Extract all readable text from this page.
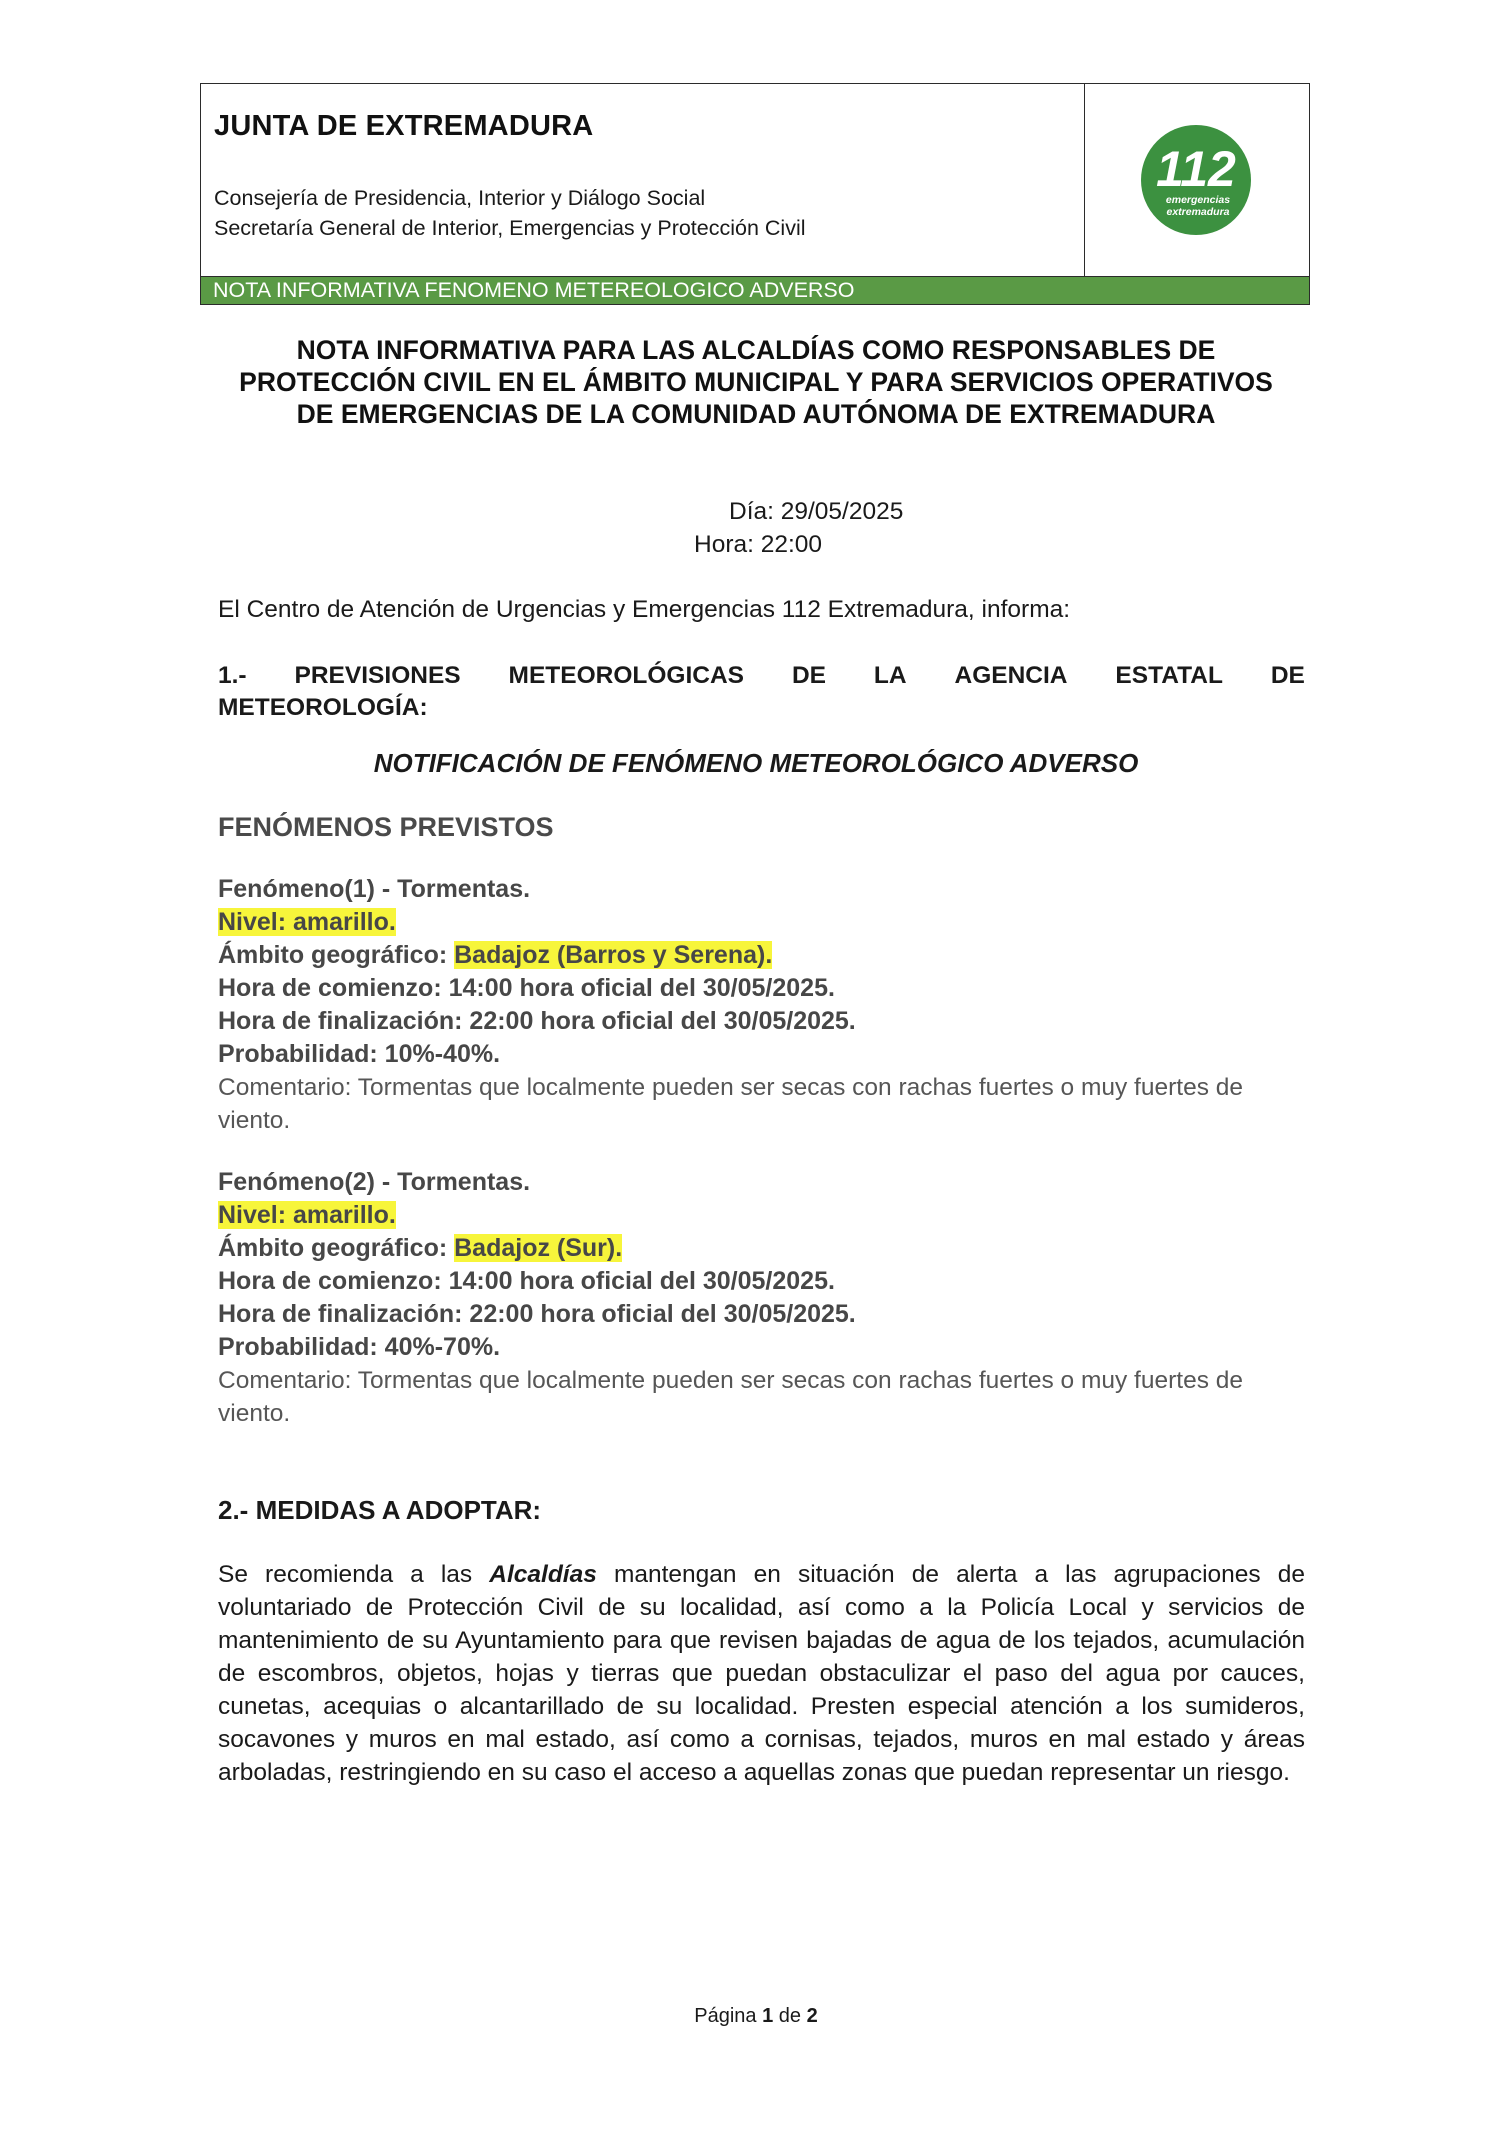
JUNTA DE EXTREMADURA
Consejería de Presidencia, Interior y Diálogo Social
Secretaría General de Interior, Emergencias y Protección Civil
112
emergencias
extremadura
NOTA INFORMATIVA FENOMENO METEREOLOGICO ADVERSO
NOTA INFORMATIVA PARA LAS ALCALDÍAS COMO RESPONSABLES DE PROTECCIÓN CIVIL EN EL ÁMBITO MUNICIPAL Y PARA SERVICIOS OPERATIVOS DE EMERGENCIAS DE LA COMUNIDAD AUTÓNOMA DE EXTREMADURA
Día: 29/05/2025
Hora: 22:00
El Centro de Atención de Urgencias y Emergencias 112 Extremadura, informa:
1.- PREVISIONES METEOROLÓGICAS DE LA AGENCIA ESTATAL DE
METEOROLOGÍA:
NOTIFICACIÓN DE FENÓMENO METEOROLÓGICO ADVERSO
FENÓMENOS PREVISTOS
Fenómeno(1) - Tormentas.
Nivel: amarillo.
Ámbito geográfico: Badajoz (Barros y Serena).
Hora de comienzo: 14:00 hora oficial del 30/05/2025.
Hora de finalización: 22:00 hora oficial del 30/05/2025.
Probabilidad: 10%-40%.
Comentario: Tormentas que localmente pueden ser secas con rachas fuertes o muy fuertes de viento.
Fenómeno(2) - Tormentas.
Nivel: amarillo.
Ámbito geográfico: Badajoz (Sur).
Hora de comienzo: 14:00 hora oficial del 30/05/2025.
Hora de finalización: 22:00 hora oficial del 30/05/2025.
Probabilidad: 40%-70%.
Comentario: Tormentas que localmente pueden ser secas con rachas fuertes o muy fuertes de viento.
2.- MEDIDAS A ADOPTAR:
Se recomienda a las Alcaldías mantengan en situación de alerta a las agrupaciones de voluntariado de Protección Civil de su localidad, así como a la Policía Local y servicios de mantenimiento de su Ayuntamiento para que revisen bajadas de agua de los tejados, acumulación de escombros, objetos, hojas y tierras que puedan obstaculizar el paso del agua por cauces, cunetas, acequias o alcantarillado de su localidad. Presten especial atención a los sumideros, socavones y muros en mal estado, así como a cornisas, tejados, muros en mal estado y áreas arboladas, restringiendo en su caso el acceso a aquellas zonas que puedan representar un riesgo.
Página 1 de 2
